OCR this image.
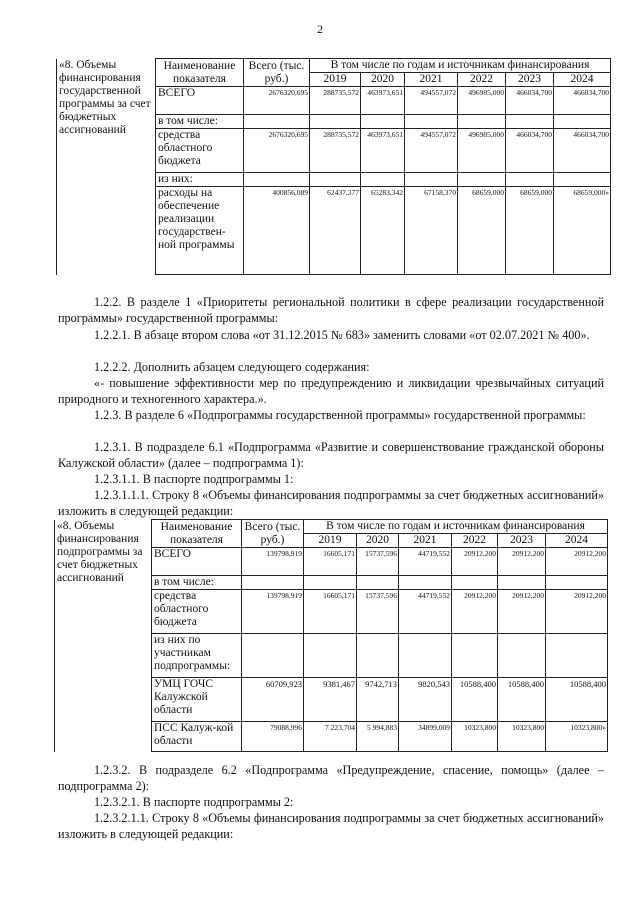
2
«8. Объемы финансирования государственной программы за счет бюджетных ассигнований	Наименование показателя	Всего (тыс. руб.)	В том числе по годам и источникам финансирования					
			2019	2020	2021	2022	2023	2024
	ВСЕГО	2676320,695	288735,572	463973,651	494557,072	496985,000	466034,700	466034,700
	в том числе:							
	средства областного бюджета	2676320,695	288735,572	463973,651	494557,072	496985,000	466034,700	466034,700
	из них:							
	расходы на обеспечение реализации государствен-ной программы	400856,089	62437,377	65283,342	67158,370	68659,000	68659,000	68659,000»

1.2.2. В разделе 1 «Приоритеты региональной политики в сфере реализации государственной программы» государственной программы:

1.2.2.1. В абзаце втором слова «от 31.12.2015 № 683» заменить словами «от 02.07.2021 № 400».

1.2.2.2. Дополнить абзацем следующего содержания:

«- повышение эффективности мер по предупреждению и ликвидации чрезвычайных ситуаций природного и техногенного характера.».

1.2.3. В разделе 6 «Подпрограммы государственной программы» государственной программы:

1.2.3.1. В подразделе 6.1 «Подпрограмма «Развитие и совершенствование гражданской обороны Калужской области» (далее – подпрограмма 1):

1.2.3.1.1. В паспорте подпрограммы 1:

1.2.3.1.1.1. Строку 8 «Объемы финансирования подпрограммы за счет бюджетных ассигнований» изложить в следующей редакции:

«8. Объемы финансирования подпрограммы за счет бюджетных ассигнований	Наименование показателя	Всего (тыс. руб.)	В том числе по годам и источникам финансирования					
			2019	2020	2021	2022	2023	2024
	ВСЕГО	139798,919	16605,171	15737,596	44719,552	20912,200	20912,200	20912,200
	в том числе:							
	средства областного бюджета	139798,919	16605,171	15737,596	44719,552	20912,200	20912,200	20912,200
	из них по участникам подпрограммы:							
	УМЦ ГОЧС Калужской области	60709,923	9381,467	9742,713	9820,543	10588,400	10588,400	10588,400
	ПСС Калуж-кой области	79088,996	7 223,704	5 994,883	34899,009	10323,800	10323,800	10323,800»

1.2.3.2. В подразделе 6.2 «Подпрограмма «Предупреждение, спасение, помощь» (далее – подпрограмма 2):

1.2.3.2.1. В паспорте подпрограммы 2:

1.2.3.2.1.1. Строку 8 «Объемы финансирования подпрограммы за счет бюджетных ассигнований» изложить в следующей редакции:
